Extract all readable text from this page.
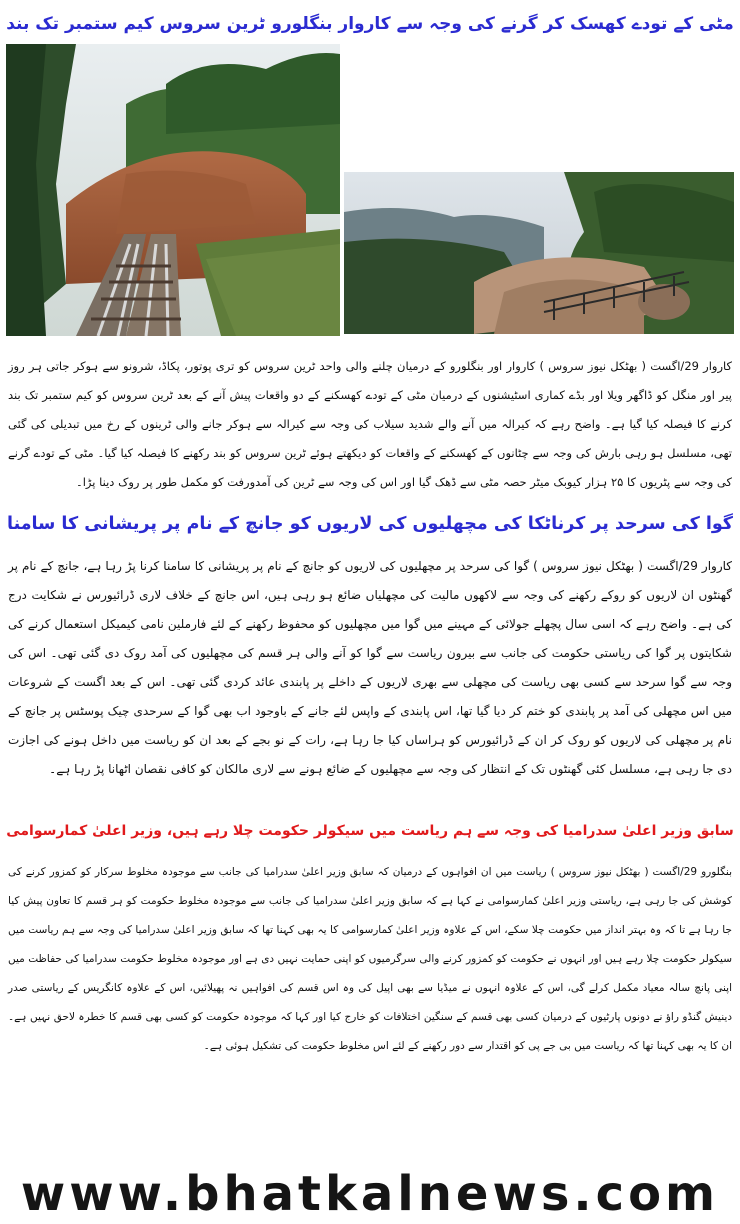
مٹی کے تودے کھسک کر گرنے کی وجہ سے کاروار بنگلورو ٹرین سروس کیم ستمبر تک بند
کاروار 29/اگست ( بھٹکل نیوز سروس ) کاروار اور بنگلورو کے درمیان چلنے والی واحد ٹرین سروس کو تری پوتور، پکاڈ، شرونو سے ہوکر جاتی ہر روز پیر اور منگل کو ڈاگھر ویلا اور بڈے کماری اسٹیشنوں کے درمیان مٹی کے تودے کھسکنے کے دو واقعات پیش آنے کے بعد ٹرین سروس کو کیم ستمبر تک بند کرنے کا فیصلہ کیا گیا ہے۔ واضح رہے کہ کیرالہ میں آنے والے شدید سیلاب کی وجہ سے کیرالہ سے ہوکر جانے والی ٹرینوں کے رخ میں تبدیلی کی گئی تھی، مسلسل ہو رہی بارش کی وجہ سے چٹانوں کے کھسکنے کے واقعات کو دیکھتے ہوئے ٹرین سروس کو بند رکھنے کا فیصلہ کیا گیا۔ مٹی کے تودے گرنے کی وجہ سے پٹریوں کا ۲۵ ہزار کیوبک میٹر حصہ مٹی سے ڈھک گیا اور اس کی وجہ سے ٹرین کی آمدورفت کو مکمل طور پر روک دینا پڑا۔
گوا کی سرحد پر کرناٹکا کی مچھلیوں کی لاریوں کو جانچ کے نام پر پریشانی کا سامنا
کاروار 29/اگست ( بھٹکل نیوز سروس ) گوا کی سرحد پر مچھلیوں کی لاریوں کو جانچ کے نام پر پریشانی کا سامنا کرنا پڑ رہا ہے، جانچ کے نام پر گھنٹوں ان لاریوں کو روکے رکھنے کی وجہ سے لاکھوں مالیت کی مچھلیاں ضائع ہو رہی ہیں، اس جانچ کے خلاف لاری ڈرائیورس نے شکایت درج کی ہے۔ واضح رہے کہ اسی سال پچھلے جولائی کے مہینے میں گوا میں مچھلیوں کو محفوظ رکھنے کے لئے فارملین نامی کیمیکل استعمال کرنے کی شکایتوں پر گوا کی ریاستی حکومت کی جانب سے بیرون ریاست سے گوا کو آنے والی ہر قسم کی مچھلیوں کی آمد روک دی گئی تھی۔ اس کی وجہ سے گوا سرحد سے کسی بھی ریاست کی مچھلی سے بھری لاریوں کے داخلے پر پابندی عائد کردی گئی تھی۔ اس کے بعد اگست کے شروعات میں اس مچھلی کی آمد پر پابندی کو ختم کر دیا گیا تھا، اس پابندی کے واپس لئے جانے کے باوجود اب بھی گوا کے سرحدی چیک پوسٹس پر جانچ کے نام پر مچھلی کی لاریوں کو روک کر ان کے ڈرائیورس کو ہراساں کیا جا رہا ہے، رات کے نو بجے کے بعد ان کو ریاست میں داخل ہونے کی اجازت دی جا رہی ہے، مسلسل کئی گھنٹوں تک کے انتظار کی وجہ سے مچھلیوں کے ضائع ہونے سے لاری مالکان کو کافی نقصان اٹھانا پڑ رہا ہے۔
سابق وزیر اعلیٰ سدرامیا کی وجہ سے ہم ریاست میں سیکولر حکومت چلا رہے ہیں، وزیر اعلیٰ کمارسوامی
بنگلورو 29/اگست ( بھٹکل نیوز سروس ) ریاست میں ان افواہوں کے درمیان کہ سابق وزیر اعلیٰ سدرامیا کی جانب سے موجودہ مخلوط سرکار کو کمزور کرنے کی کوشش کی جا رہی ہے، ریاستی وزیر اعلیٰ کمارسوامی نے کہا ہے کہ سابق وزیر اعلیٰ سدرامیا کی جانب سے موجودہ مخلوط حکومت کو ہر قسم کا تعاون پیش کیا جا رہا ہے تا کہ وہ بہتر انداز میں حکومت چلا سکے، اس کے علاوہ وزیر اعلیٰ کمارسوامی کا یہ بھی کہنا تھا کہ سابق وزیر اعلیٰ سدرامیا کی وجہ سے ہم ریاست میں سیکولر حکومت چلا رہے ہیں اور انہوں نے حکومت کو کمزور کرنے والی سرگرمیوں کو اپنی حمایت نہیں دی ہے اور موجودہ مخلوط حکومت سدرامیا کی حفاظت میں اپنی پانچ سالہ معیاد مکمل کرلے گی، اس کے علاوہ انہوں نے میڈیا سے بھی اپیل کی وہ اس قسم کی افواہیں نہ پھیلائیں، اس کے علاوہ کانگریس کے ریاستی صدر دینیش گنڈو راؤ نے دونوں پارٹیوں کے درمیان کسی بھی قسم کے سنگین اختلافات کو خارج کیا اور کہا کہ موجودہ حکومت کو کسی بھی قسم کا خطرہ لاحق نہیں ہے۔ ان کا یہ بھی کہنا تھا کہ ریاست میں بی جے پی کو اقتدار سے دور رکھنے کے لئے اس مخلوط حکومت کی تشکیل ہوئی ہے۔
www.bhatkalnews.com
